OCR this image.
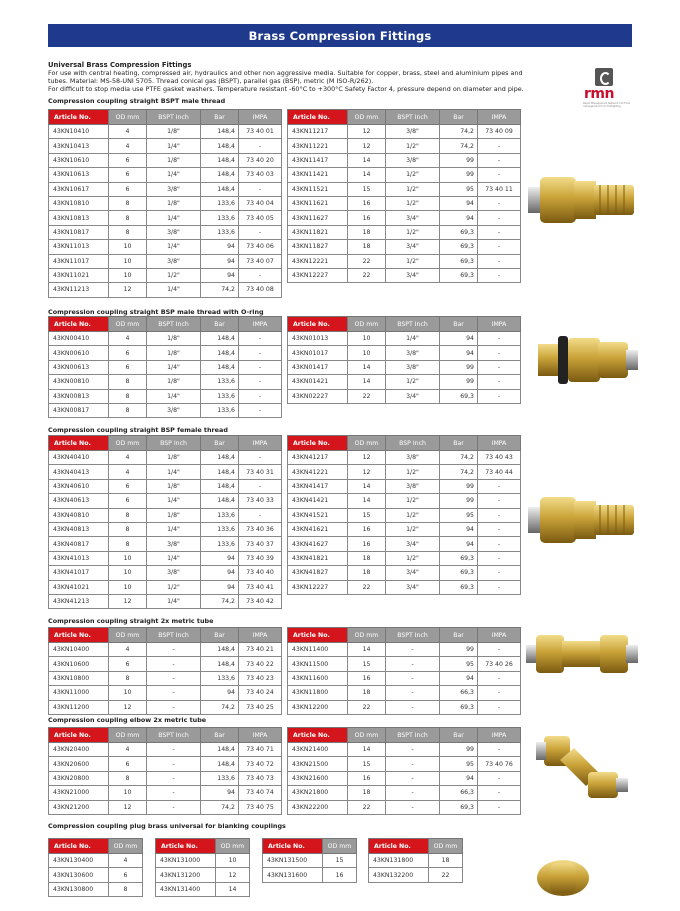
Brass Compression Fittings
Universal Brass Compression Fittings
For use with central heating, compressed air, hydraulics and other non aggressive media. Suitable for copper, brass, steel and aluminium pipes and
tubes. Material: MS-58-UNI 5705. Thread conical gas (BSPT), parallel gas (BSP), metric (M ISO-R/262).
For difficult to stop media use PTFE gasket washers. Temperature resistant -60°C to +300°C Safety Factor 4, pressure depend on diameter and pipe.	rmn
Rapid Management Network Ltd Fluid management from firefighting
Compression coupling straight BSPT male thread
Article No.	OD mm	BSPT Inch	Bar	IMPA
43KN10410	4	1/8"	148,4	73 40 01
43KN10413	4	1/4"	148,4	-
43KN10610	6	1/8"	148,4	73 40 20
43KN10613	6	1/4"	148,4	73 40 03
43KN10617	6	3/8"	148,4	-
43KN10810	8	1/8"	133,6	73 40 04
43KN10813	8	1/4"	133,6	73 40 05
43KN10817	8	3/8"	133,6	-
43KN11013	10	1/4"	94	73 40 06
43KN11017	10	3/8"	94	73 40 07
43KN11021	10	1/2"	94	-
43KN11213	12	1/4"	74,2	73 40 08
Article No.	OD mm	BSPT Inch	Bar	IMPA
43KN11217	12	3/8"	74,2	73 40 09
43KN11221	12	1/2"	74,2	-
43KN11417	14	3/8"	99	-
43KN11421	14	1/2"	99	-
43KN11521	15	1/2"	95	73 40 11
43KN11621	16	1/2"	94	-
43KN11627	16	3/4"	94	-
43KN11821	18	1/2"	69,3	-
43KN11827	18	3/4"	69,3	-
43KN12221	22	1/2"	69,3	-
43KN12227	22	3/4"	69,3	-
Compression coupling straight BSP male thread with O-ring
Article No.	OD mm	BSPT Inch	Bar	IMPA
43KN00410	4	1/8"	148,4	-
43KN00610	6	1/8"	148,4	-
43KN00613	6	1/4"	148,4	-
43KN00810	8	1/8"	133,6	-
43KN00813	8	1/4"	133,6	-
43KN00817	8	3/8"	133,6	-
Article No.	OD mm	BSPT Inch	Bar	IMPA
43KN01013	10	1/4"	94	-
43KN01017	10	3/8"	94	-
43KN01417	14	3/8"	99	-
43KN01421	14	1/2"	99	-
43KN02227	22	3/4"	69,3	-
Compression coupling straight BSP female thread
Article No.	OD mm	BSP Inch	Bar	IMPA
43KN40410	4	1/8"	148,4	-
43KN40413	4	1/4"	148,4	73 40 31
43KN40610	6	1/8"	148,4	-
43KN40613	6	1/4"	148,4	73 40 33
43KN40810	8	1/8"	133,6	-
43KN40813	8	1/4"	133,6	73 40 36
43KN40817	8	3/8"	133,6	73 40 37
43KN41013	10	1/4"	94	73 40 39
43KN41017	10	3/8"	94	73 40 40
43KN41021	10	1/2"	94	73 40 41
43KN41213	12	1/4"	74,2	73 40 42
Article No.	OD mm	BSP Inch	Bar	IMPA
43KN41217	12	3/8"	74,2	73 40 43
43KN41221	12	1/2"	74,2	73 40 44
43KN41417	14	3/8"	99	-
43KN41421	14	1/2"	99	-
43KN41521	15	1/2"	95	-
43KN41621	16	1/2"	94	-
43KN41627	16	3/4"	94	-
43KN41821	18	1/2"	69,3	-
43KN41827	18	3/4"	69,3	-
43KN12227	22	3/4"	69,3	-
Compression coupling straight 2x metric tube
Article No.	OD mm	BSPT Inch	Bar	IMPA
43KN10400	4	-	148,4	73 40 21
43KN10600	6	-	148,4	73 40 22
43KN10800	8	-	133,6	73 40 23
43KN11000	10	-	94	73 40 24
43KN11200	12	-	74,2	73 40 25
Article No.	OD mm	BSPT Inch	Bar	IMPA
43KN11400	14	-	99	-
43KN11500	15	-	95	73 40 26
43KN11600	16	-	94	-
43KN11800	18	-	66,3	-
43KN12200	22	-	69,3	-
Compression coupling elbow 2x metric tube
Article No.	OD mm	BSPT Inch	Bar	IMPA
43KN20400	4	-	148,4	73 40 71
43KN20600	6	-	148,4	73 40 72
43KN20800	8	-	133,6	73 40 73
43KN21000	10	-	94	73 40 74
43KN21200	12	-	74,2	73 40 75
Article No.	OD mm	BSPT Inch	Bar	IMPA
43KN21400	14	-	99	-
43KN21500	15	-	95	73 40 76
43KN21600	16	-	94	-
43KN21800	18	-	66,3	-
43KN22200	22	-	69,3	-
Compression coupling plug brass universal for blanking couplings
Article No.	OD mm
43KN130400	4
43KN130600	6
43KN130800	8
Article No.	OD mm
43KN131000	10
43KN131200	12
43KN131400	14
Article No.	OD mm
43KN131500	15
43KN131600	16
Article No.	OD mm
43KN131800	18
43KN132200	22
